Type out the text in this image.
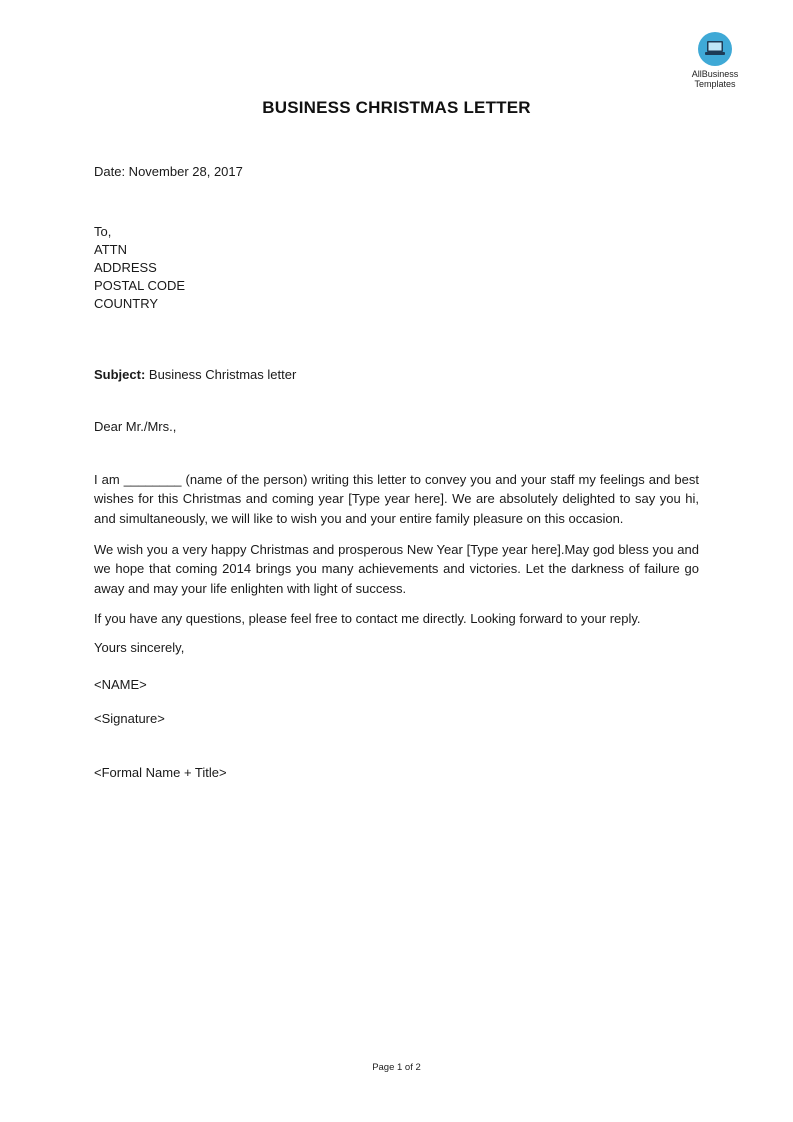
AllBusiness
Templates
BUSINESS CHRISTMAS LETTER
Date: November 28, 2017
To,
ATTN
ADDRESS
POSTAL CODE
COUNTRY
Subject: Business Christmas letter
Dear Mr./Mrs.,
I am ________ (name of the person) writing this letter to convey you and your staff my feelings and best wishes for this Christmas and coming year [Type year here]. We are absolutely delighted to say you hi, and simultaneously, we will like to wish you and your entire family pleasure on this occasion.
We wish you a very happy Christmas and prosperous New Year [Type year here].May god bless you and we hope that coming 2014 brings you many achievements and victories. Let the darkness of failure go away and may your life enlighten with light of success.
If you have any questions, please feel free to contact me directly. Looking forward to your reply.
Yours sincerely,
<NAME>
<Signature>
<Formal Name + Title>
Page 1 of 2
